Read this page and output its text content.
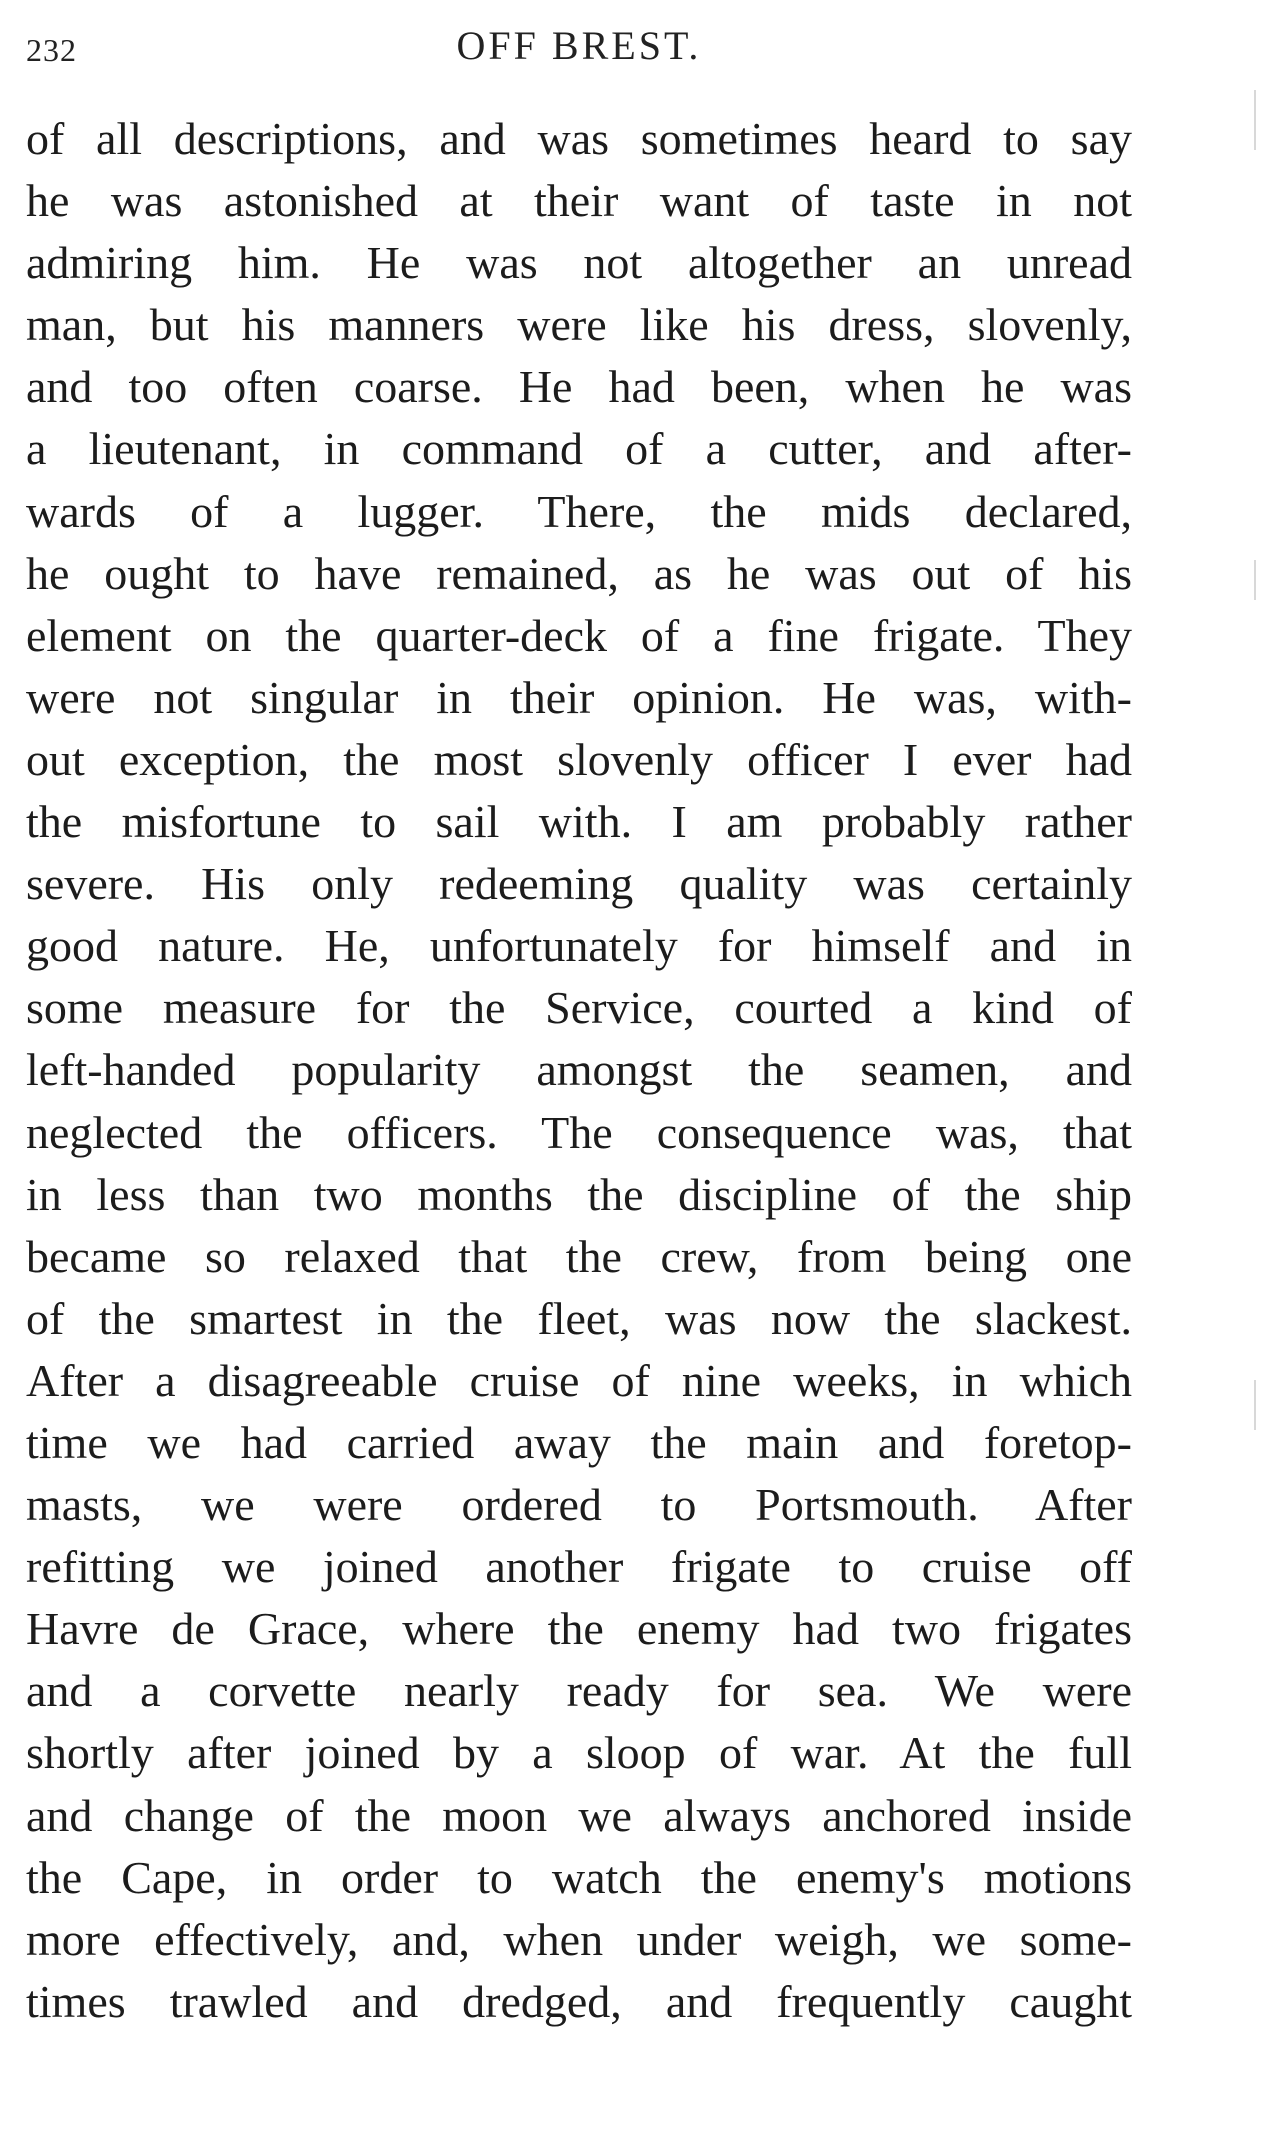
232	OFF BREST.
of all descriptions, and was sometimes heard to say
he was astonished at their want of taste in not
admiring him. He was not altogether an unread
man, but his manners were like his dress, slovenly,
and too often coarse. He had been, when he was
a lieutenant, in command of a cutter, and after-
wards of a lugger. There, the mids declared,
he ought to have remained, as he was out of his
element on the quarter-deck of a fine frigate. They
were not singular in their opinion. He was, with-
out exception, the most slovenly officer I ever had
the misfortune to sail with. I am probably rather
severe. His only redeeming quality was certainly
good nature. He, unfortunately for himself and in
some measure for the Service, courted a kind of
left-handed popularity amongst the seamen, and
neglected the officers. The consequence was, that
in less than two months the discipline of the ship
became so relaxed that the crew, from being one
of the smartest in the fleet, was now the slackest.
After a disagreeable cruise of nine weeks, in which
time we had carried away the main and foretop-
masts, we were ordered to Portsmouth. After
refitting we joined another frigate to cruise off
Havre de Grace, where the enemy had two frigates
and a corvette nearly ready for sea. We were
shortly after joined by a sloop of war. At the full
and change of the moon we always anchored inside
the Cape, in order to watch the enemy's motions
more effectively, and, when under weigh, we some-
times trawled and dredged, and frequently caught
